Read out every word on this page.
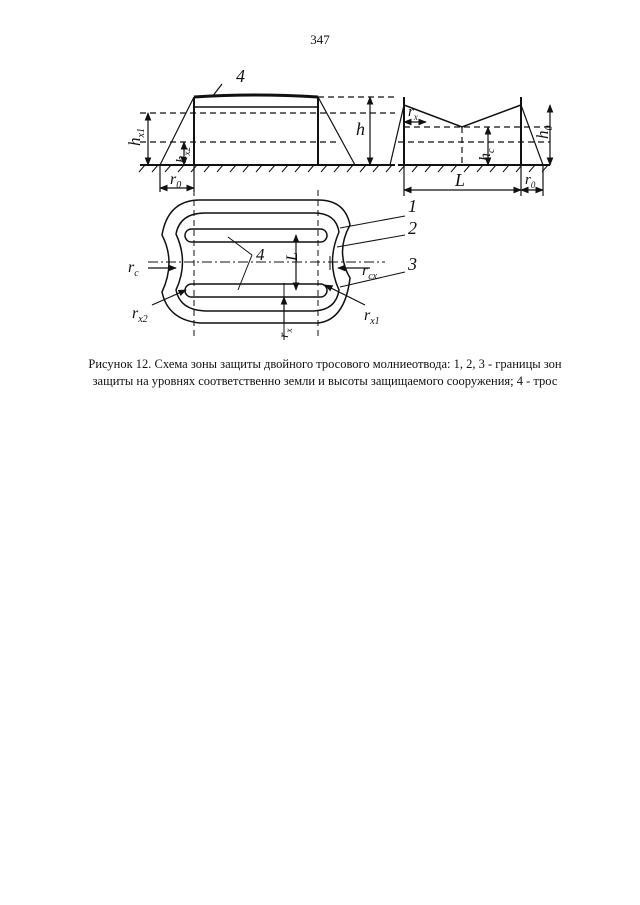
347
4
h
$h_{x1}$
$h_{x2}$
$r_0$
$r_x$
$h_c$
$h_0$
L	$r_0$
1
2
3
4 L
$r_c$	$r_{cx}$
$r_{x2}$	$r_{x1}$
$r_x$
Рисунок 12. Схема зоны защиты двойного тросового молниеотвода: 1, 2, 3 - границы зон
защиты на уровнях соответственно земли и высоты защищаемого сооружения; 4 - трос
